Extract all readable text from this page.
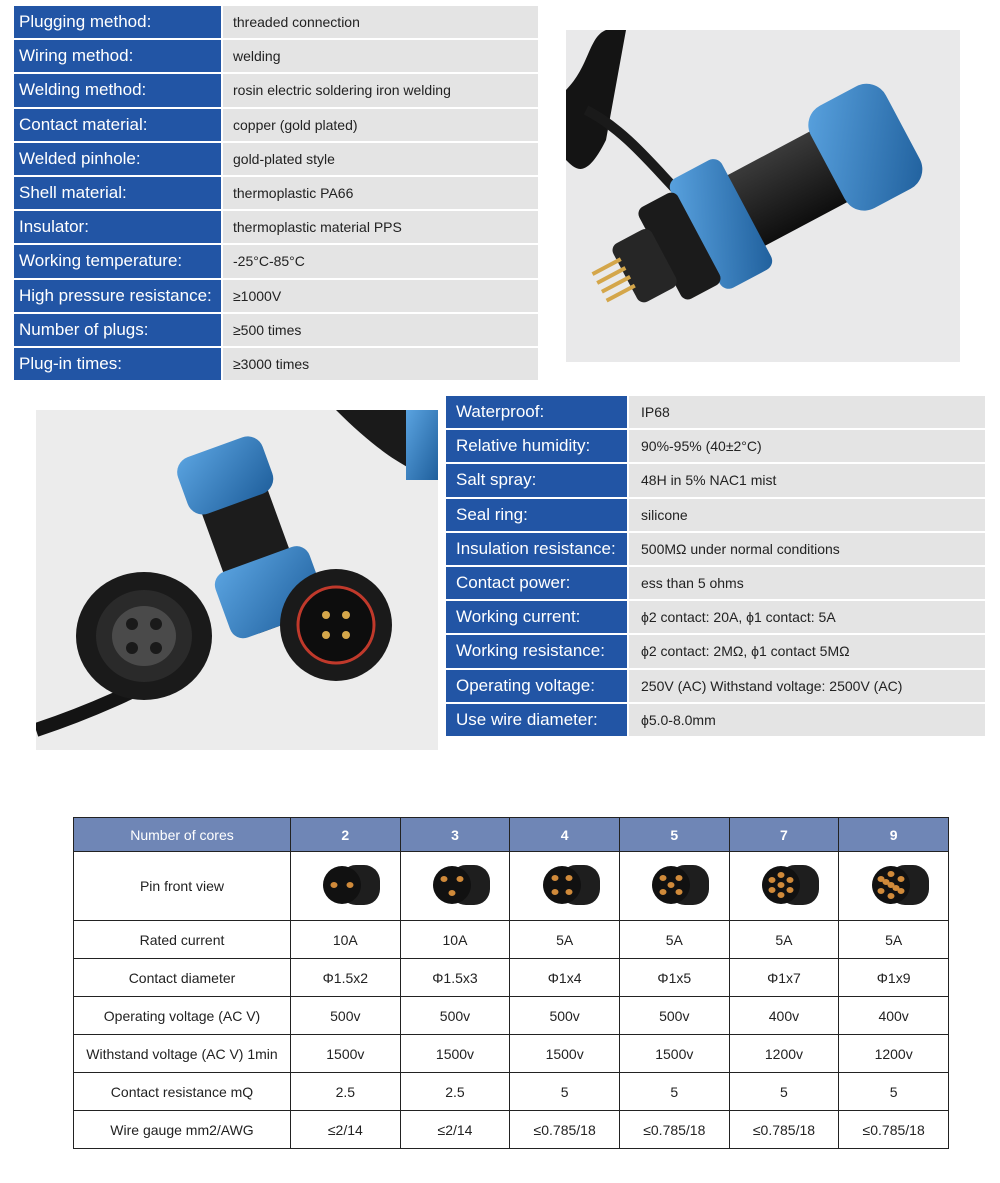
Plugging method:	threaded connection
Wiring method:	welding
Welding method:	rosin electric soldering iron welding
Contact material:	copper (gold plated)
Welded pinhole:	gold-plated style
Shell material:	thermoplastic PA66
Insulator:	thermoplastic material PPS
Working temperature:	-25°C-85°C
High pressure resistance:	≥1000V
Number of plugs:	≥500 times
Plug-in times:	≥3000 times
Waterproof:	IP68
Relative humidity:	90%-95% (40±2°C)
Salt spray:	48H in 5% NAC1 mist
Seal ring:	silicone
Insulation resistance:	500MΩ under normal conditions
Contact power:	ess than 5 ohms
Working current:	ϕ2 contact: 20A, ϕ1 contact: 5A
Working resistance:	ϕ2 contact: 2MΩ, ϕ1 contact 5MΩ
Operating voltage:	250V (AC) Withstand voltage: 2500V (AC)
Use wire diameter:	ϕ5.0-8.0mm
Number of cores	2	3	4	5	7	9
Pin front view						
Rated current	10A	10A	5A	5A	5A	5A
Contact diameter	Φ1.5x2	Φ1.5x3	Φ1x4	Φ1x5	Φ1x7	Φ1x9
Operating voltage (AC V)	500v	500v	500v	500v	400v	400v
Withstand voltage (AC V) 1min	1500v	1500v	1500v	1500v	1200v	1200v
Contact resistance mQ	2.5	2.5	5	5	5	5
Wire gauge mm2/AWG	≤2/14	≤2/14	≤0.785/18	≤0.785/18	≤0.785/18	≤0.785/18
